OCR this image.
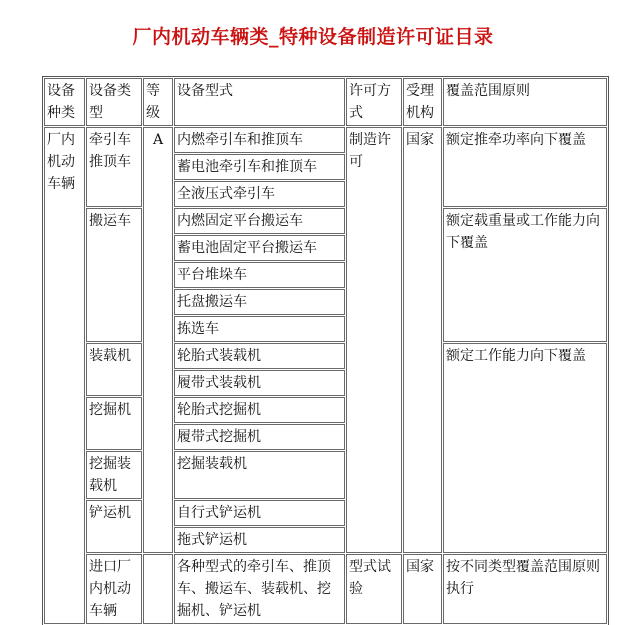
厂内机动车辆类_特种设备制造许可证目录
设备种类	设备类型	等级	设备型式	许可方式	受理机构	覆盖范围原则
厂内机动车辆	牵引车推顶车	A	内燃牵引车和推顶车	制造许可	国家	额定推牵功率向下覆盖
			蓄电池牵引车和推顶车			
			全液压式牵引车			
	搬运车		内燃固定平台搬运车			额定载重量或工作能力向下覆盖
			蓄电池固定平台搬运车			
			平台堆垛车			
			托盘搬运车			
			拣选车			
	装载机		轮胎式装载机			额定工作能力向下覆盖
			履带式装载机			
	挖掘机		轮胎式挖掘机			
			履带式挖掘机			
	挖掘装载机		挖掘装载机			
	铲运机		自行式铲运机			
			拖式铲运机			
	进口厂内机动车辆		各种型式的牵引车、推顶车、搬运车、装载机、挖掘机、铲运机	型式试验	国家	按不同类型覆盖范围原则执行
